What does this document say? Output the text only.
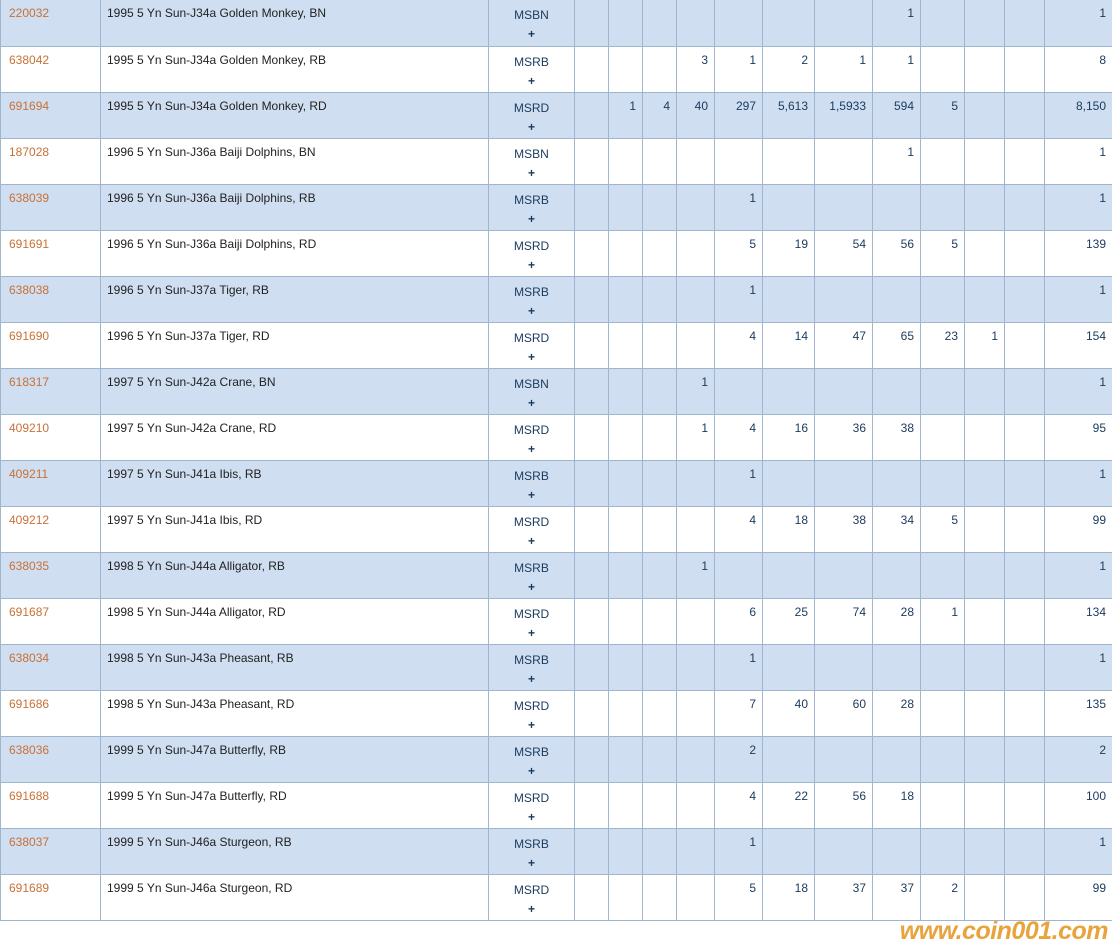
220032	1995 5 Yn Sun-J34a Golden Monkey, BN	MSBN
+								1				1

638042	1995 5 Yn Sun-J34a Golden Monkey, RB	MSRB
+				3	1	2	1	1				8

691694	1995 5 Yn Sun-J34a Golden Monkey, RD	MSRD
+		1	4	40	297	5,613	1,5933	594	5			8,150

187028	1996 5 Yn Sun-J36a Baiji Dolphins, BN	MSBN
+								1				1

638039	1996 5 Yn Sun-J36a Baiji Dolphins, RB	MSRB
+					1							1

691691	1996 5 Yn Sun-J36a Baiji Dolphins, RD	MSRD
+					5	19	54	56	5			139

638038	1996 5 Yn Sun-J37a Tiger, RB	MSRB
+					1							1

691690	1996 5 Yn Sun-J37a Tiger, RD	MSRD
+					4	14	47	65	23	1		154

618317	1997 5 Yn Sun-J42a Crane, BN	MSBN
+				1								1

409210	1997 5 Yn Sun-J42a Crane, RD	MSRD
+				1	4	16	36	38				95

409211	1997 5 Yn Sun-J41a Ibis, RB	MSRB
+					1							1

409212	1997 5 Yn Sun-J41a Ibis, RD	MSRD
+					4	18	38	34	5			99

638035	1998 5 Yn Sun-J44a Alligator, RB	MSRB
+				1								1

691687	1998 5 Yn Sun-J44a Alligator, RD	MSRD
+					6	25	74	28	1			134

638034	1998 5 Yn Sun-J43a Pheasant, RB	MSRB
+					1							1

691686	1998 5 Yn Sun-J43a Pheasant, RD	MSRD
+					7	40	60	28				135

638036	1999 5 Yn Sun-J47a Butterfly, RB	MSRB
+					2							2

691688	1999 5 Yn Sun-J47a Butterfly, RD	MSRD
+					4	22	56	18				100

638037	1999 5 Yn Sun-J46a Sturgeon, RB	MSRB
+					1							1

691689	1999 5 Yn Sun-J46a Sturgeon, RD	MSRD
+					5	18	37	37	2			99
www.coin001.com
